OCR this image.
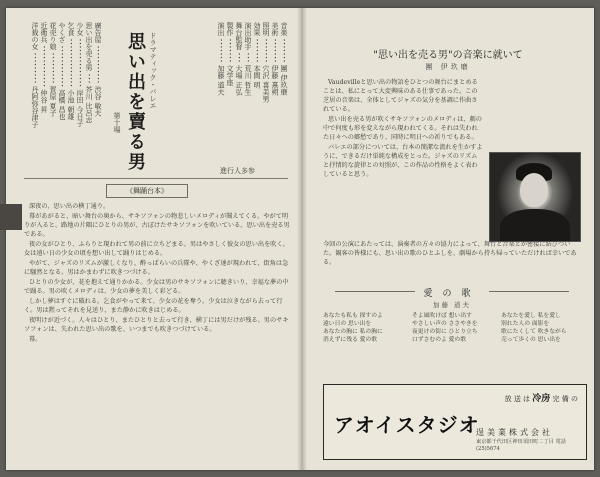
廣告屋 ･･･････････ 渋谷 敏夫
思い出を売る男 ･･･ 芥川 比呂志
少女 ･･････････････ 岸田 今日子
乞食 ･･････････････ 小池 朝雄
やくざ ････････････ 高橋 昌也
花売り娘 ･････････ 賀原 夏子
近衛兵 ････････････ 仲谷 昇
洋裁の女 ･････････ 丹阿弥谷津子	ドラマティック・バレエ
思い出を賣る男
第十場
音楽 ･･･････ 團 伊玖磨
美術 ･･･････ 伊藤 熹朔
照明 ･･･････ 穴沢 喜美男
効果 ･･･････ 本間 明
演出助手 ･･･ 荒川 哲生
舞台監督 ･･･ 大場 正弘
製作 ･･･････ 文学座
演出 ･･･････ 加藤 道夫
進行人多参
《舞踊台本》

深夜の、思い出の横丁通り。

幕があがると、暗い舞台の奥から、サキソフォンの物悲しいメロディが聞えてくる。やがて明りが入ると、路地の片隅にひとりの男が、古ぼけたサキソフォンを吹いている。思い出を売る男である。

夜の女がひとり、ふらりと現われて男の前に立ちどまる。男はやさしく彼女の思い出を吹く。女は遠い日の少女の頃を想い出して踊りはじめる。

やがて、ジャズのリズムが激しくなり、酔っぱらいの兵隊や、やくざ達が現われて、街角は急に騒然となる。男はかまわずに吹きつづける。

ひとりの少女が、花を抱えて通りかかる。少女は男のサキソフォンに聴きいり、幸福な夢の中で踊る。男の吹くメロディは、少女の夢を美しく彩どる。

しかし夢はすぐに破れる。乞食がやって来て、少女の花を奪う。少女は泣きながら去って行く。男は黙ってそれを見送り、また静かに吹きはじめる。

夜明けが近づく。人々はひとり、またひとりと去って行き、横丁には男だけが残る。男のサキソフォンは、失われた思い出の歌を、いつまでも吹きつづけている。

幕。

"思い出を売る男"の音楽に就いて
團 伊玖磨

Vaudevilleと思い出の物語をひとつの舞台にまとめることは、私にとって大変興味のある仕事であった。この芝居の音楽は、全体としてジャズの気分を基調に作曲されている。

思い出を売る男が吹くサキソフォンのメロディは、劇の中で何度も形を変えながら現われてくる。それは失われた日々への郷愁であり、同時に明日への祈りでもある。

バレエの部分については、台本の簡潔な流れを生かすように、できるだけ単純な構成をとった。ジャズのリズムと抒情的な旋律との対照が、この作品の性格をよく表わしていると思う。

今回の公演にあたっては、演奏者の方々の協力によって、舞台と音楽とが密接に結びついた。観客の皆様にも、思い出の歌のひとふしを、劇場から持ち帰っていただければ幸いである。
愛の歌
加藤 道夫
あなたも私も 探すのよ
遠い日の 思い出を
あなたの胸に 私の胸に
消えずに残る 愛の歌
そよ風吹けば 想い出す
やさしい声の ささやきを
夜更けの街に ひとり立ち
口ずさむのよ 愛の歌
あなたを愛し 私を愛し
別れた人の 面影を
歌にたくして 吹きながら
売って歩くの 思い出を
放 送 は 冷房 完 備 の
アオイスタジオ
逞美業株式会社
東京都千代田区神田須田町二丁目 電話(25)5674
